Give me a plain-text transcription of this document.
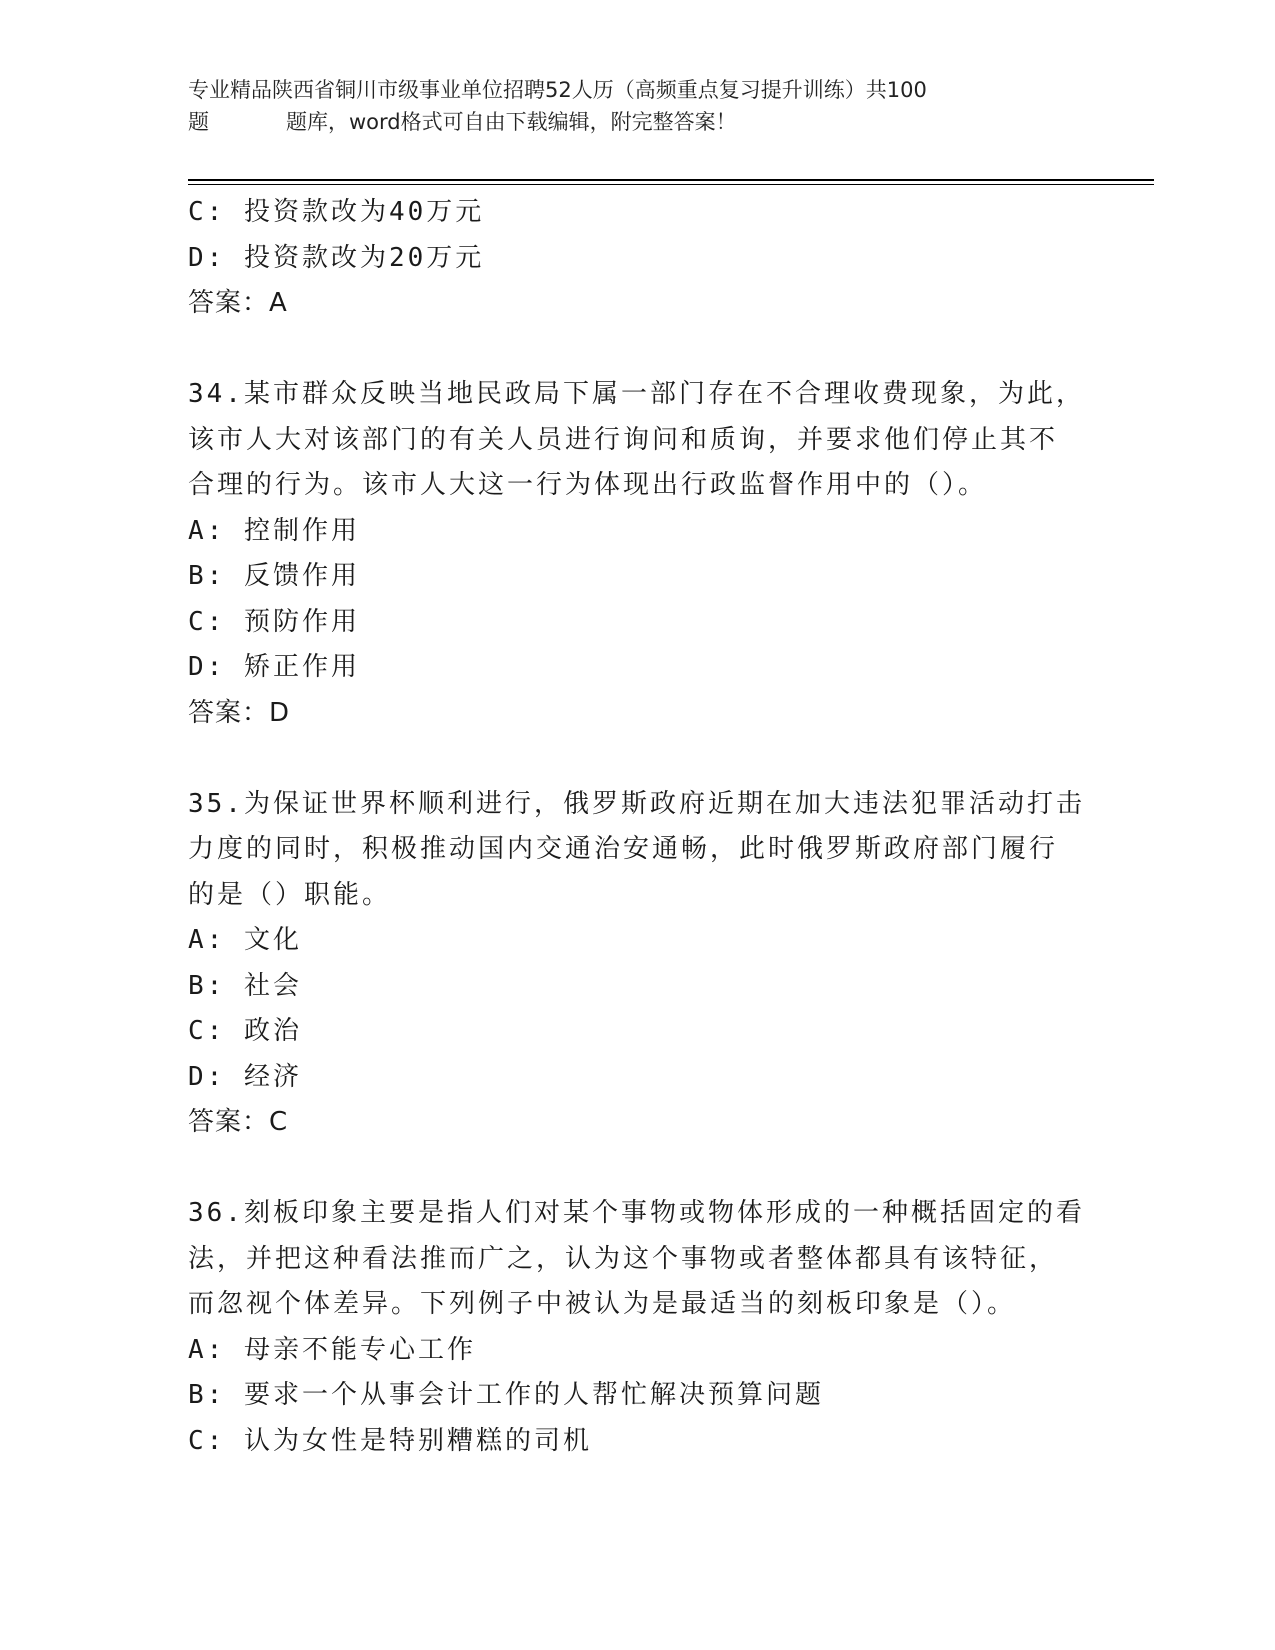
专业精品陕西省铜川市级事业单位招聘52人历（高频重点复习提升训练）共100
题	题库，word格式可自由下载编辑，附完整答案！
C: 投资款改为40万元
D: 投资款改为20万元
答案：A
34.某市群众反映当地民政局下属一部门存在不合理收费现象，为此，
该市人大对该部门的有关人员进行询问和质询，并要求他们停止其不
合理的行为。该市人大这一行为体现出行政监督作用中的（）。
A: 控制作用
B: 反馈作用
C: 预防作用
D: 矫正作用
答案：D
35.为保证世界杯顺利进行，俄罗斯政府近期在加大违法犯罪活动打击
力度的同时，积极推动国内交通治安通畅，此时俄罗斯政府部门履行
的是（）职能。
A: 文化
B: 社会
C: 政治
D: 经济
答案：C
36.刻板印象主要是指人们对某个事物或物体形成的一种概括固定的看
法，并把这种看法推而广之，认为这个事物或者整体都具有该特征，
而忽视个体差异。下列例子中被认为是最适当的刻板印象是（）。
A: 母亲不能专心工作
B: 要求一个从事会计工作的人帮忙解决预算问题
C: 认为女性是特别糟糕的司机
